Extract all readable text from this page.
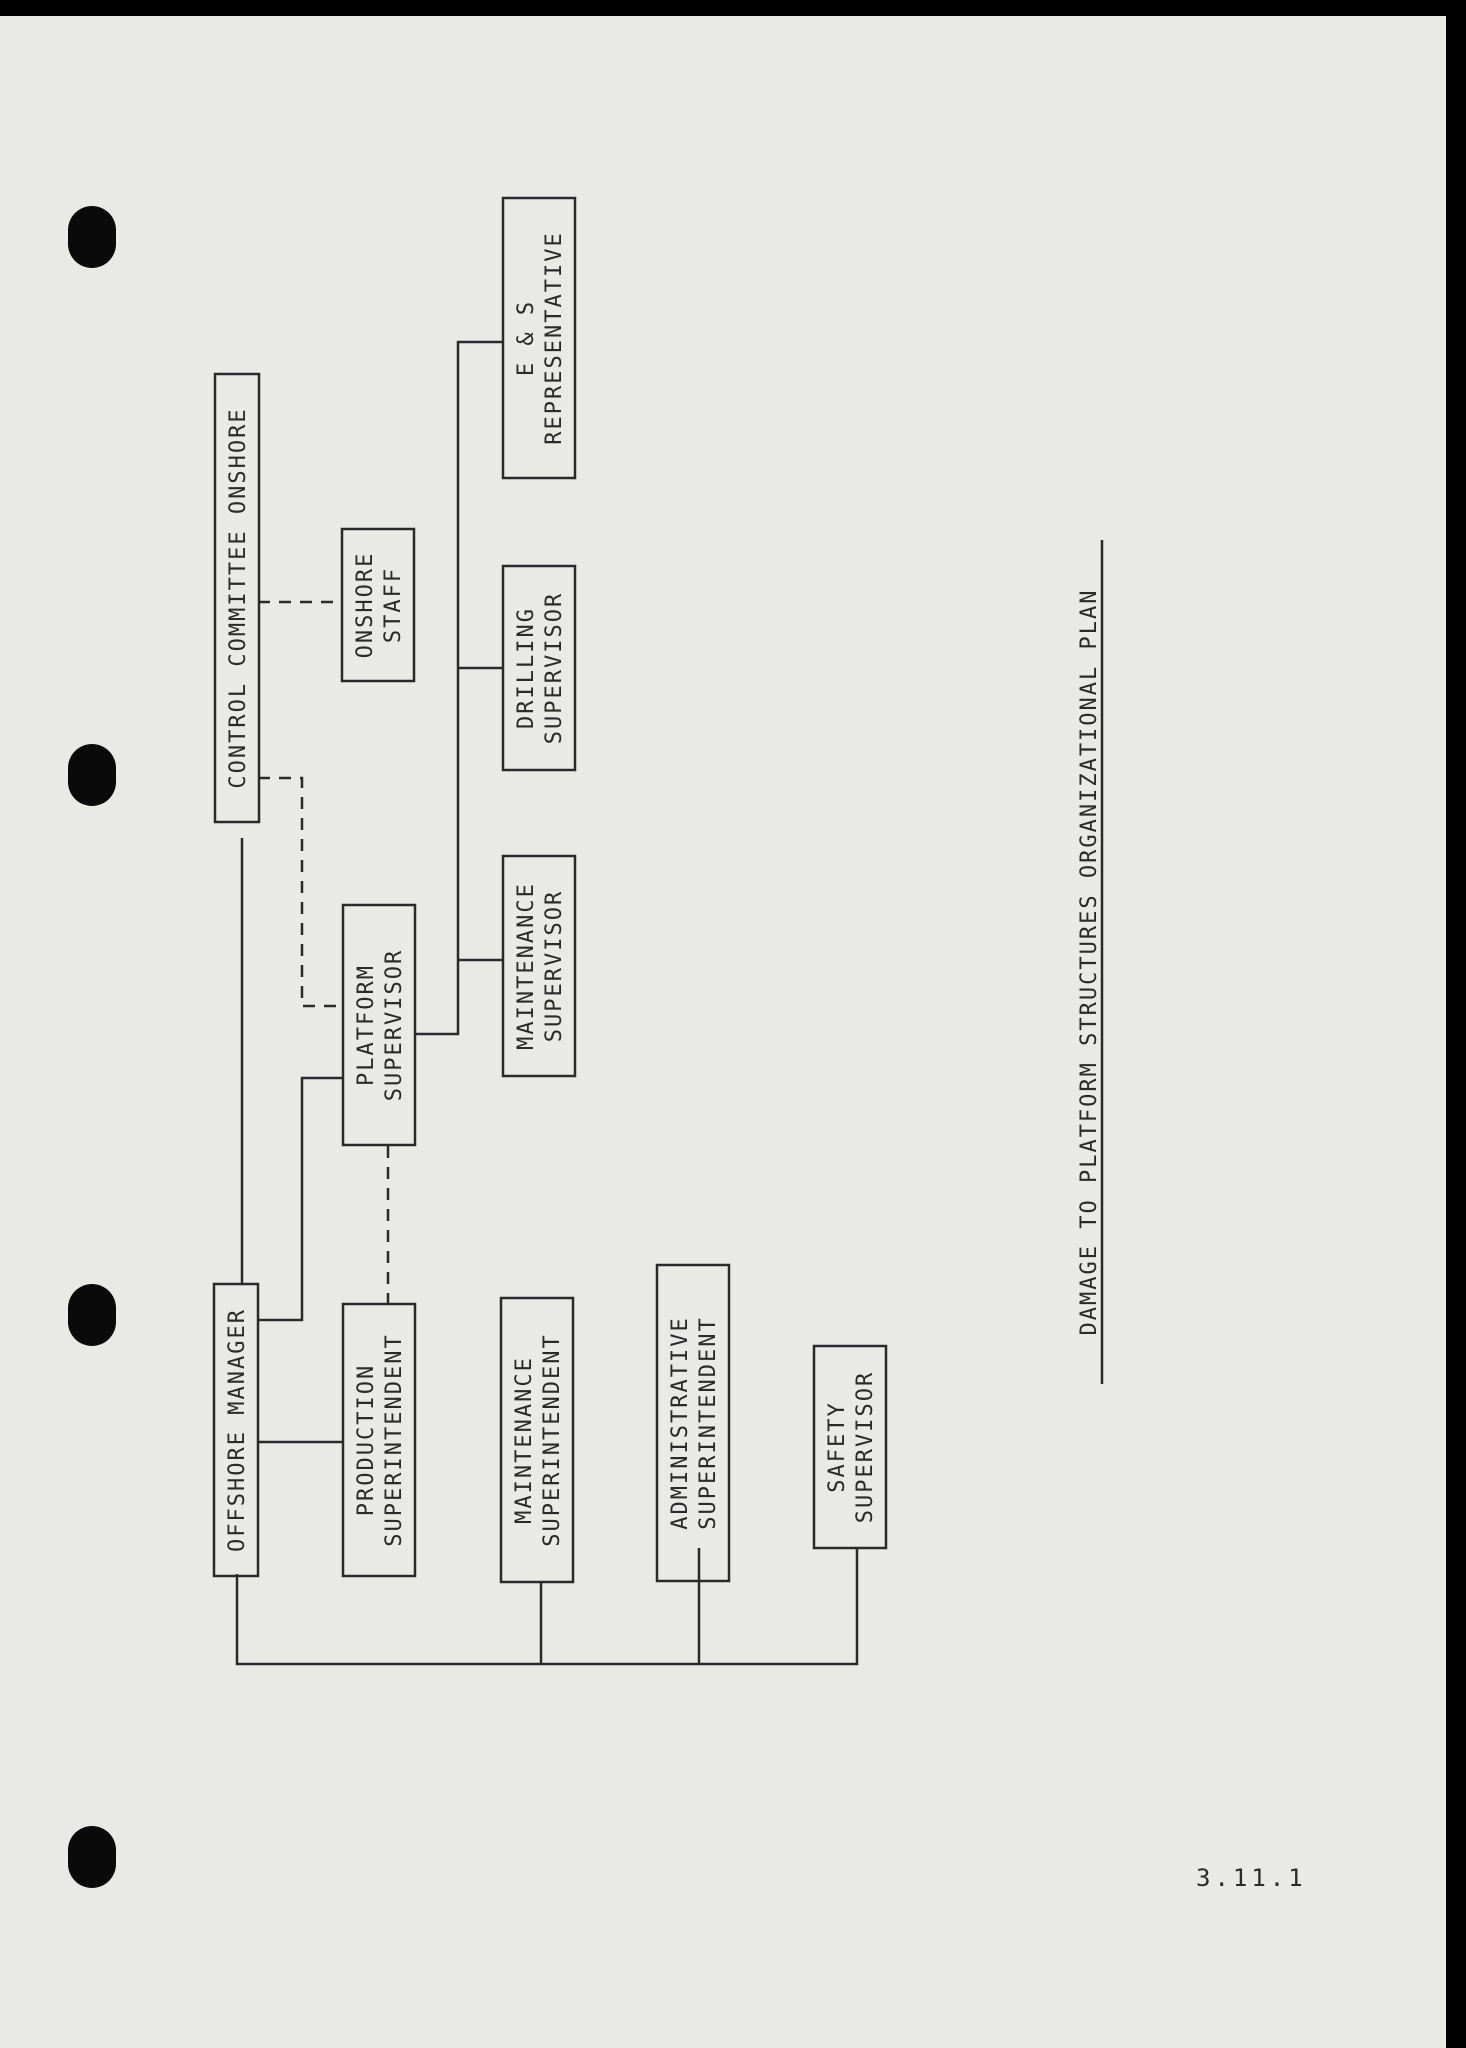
CONTROL COMMITTEE ONSHORE	ONSHORE STAFF
PLATFORM SUPERVISOR
E & S REPRESENTATIVE
DRILLING SUPERVISOR
MAINTENANCE SUPERVISOR
OFFSHORE MANAGER	PRODUCTION SUPERINTENDENT	MAINTENANCE SUPERINTENDENT	ADMINISTRATIVE SUPERINTENDENT	SAFETY SUPERVISOR
DAMAGE TO PLATFORM STRUCTURES ORGANIZATIONAL PLAN
3.11.1
